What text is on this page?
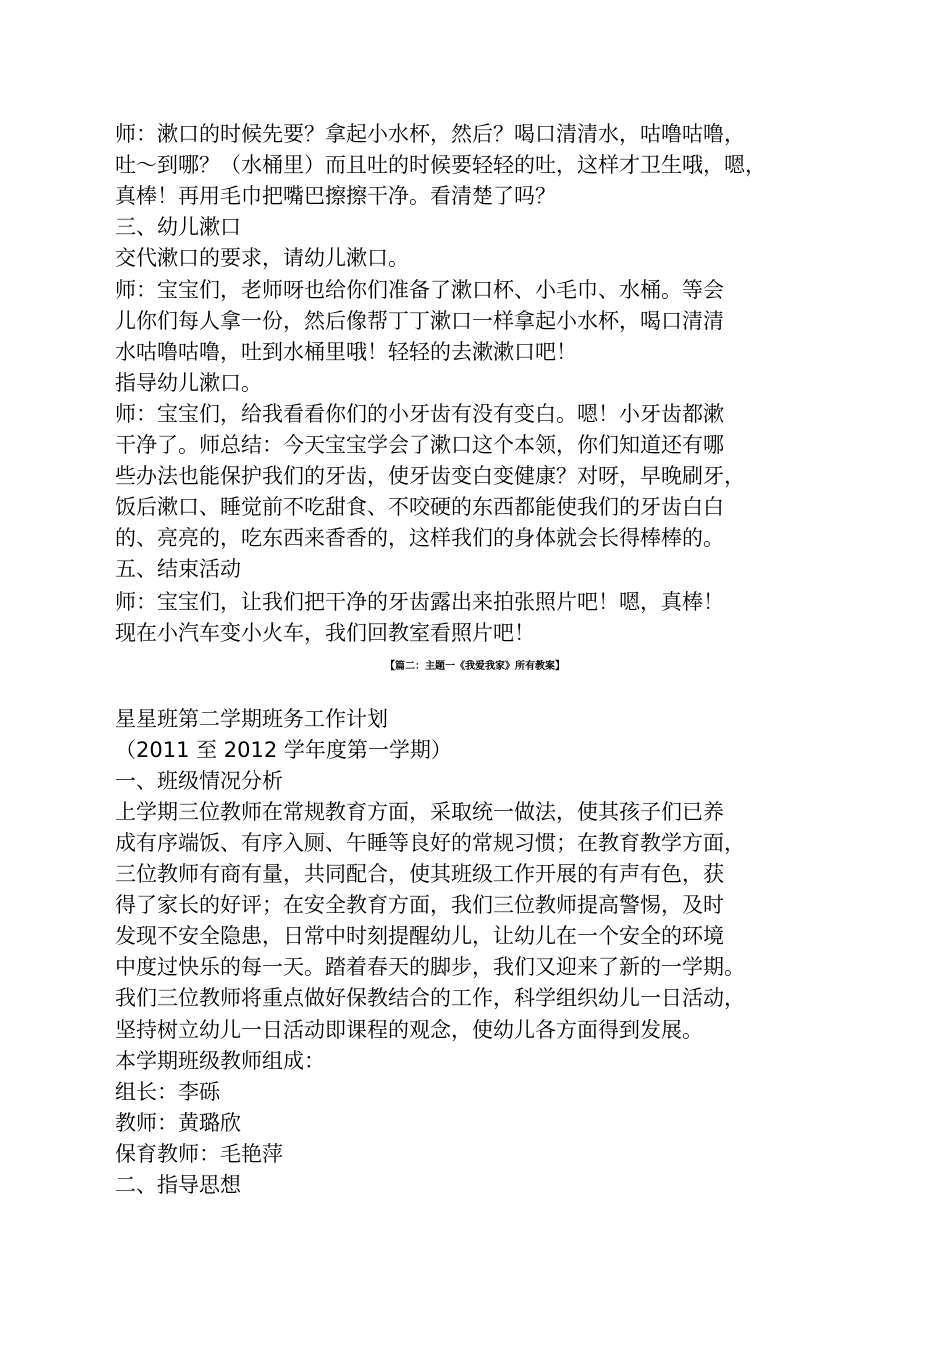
师：漱口的时候先要？拿起小水杯，然后？喝口清清水，咕噜咕噜，
吐～到哪？（水桶里）而且吐的时候要轻轻的吐，这样才卫生哦，嗯，
真棒！再用毛巾把嘴巴擦擦干净。看清楚了吗？
三、幼儿漱口
交代漱口的要求，请幼儿漱口。
师：宝宝们，老师呀也给你们准备了漱口杯、小毛巾、水桶。等会
儿你们每人拿一份，然后像帮丁丁漱口一样拿起小水杯，喝口清清
水咕噜咕噜，吐到水桶里哦！轻轻的去漱漱口吧！
指导幼儿漱口。
师：宝宝们，给我看看你们的小牙齿有没有变白。嗯！小牙齿都漱
干净了。师总结：今天宝宝学会了漱口这个本领，你们知道还有哪
些办法也能保护我们的牙齿，使牙齿变白变健康？对呀，早晚刷牙，
饭后漱口、睡觉前不吃甜食、不咬硬的东西都能使我们的牙齿白白
的、亮亮的，吃东西来香香的，这样我们的身体就会长得棒棒的。
五、结束活动
师：宝宝们，让我们把干净的牙齿露出来拍张照片吧！嗯，真棒！
现在小汽车变小火车，我们回教室看照片吧！
【篇二：主题一《我爱我家》所有教案】
星星班第二学期班务工作计划
（2011 至 2012 学年度第一学期）
一、班级情况分析
上学期三位教师在常规教育方面，采取统一做法，使其孩子们已养
成有序端饭、有序入厕、午睡等良好的常规习惯；在教育教学方面，
三位教师有商有量，共同配合，使其班级工作开展的有声有色，获
得了家长的好评；在安全教育方面，我们三位教师提高警惕，及时
发现不安全隐患，日常中时刻提醒幼儿，让幼儿在一个安全的环境
中度过快乐的每一天。踏着春天的脚步，我们又迎来了新的一学期。
我们三位教师将重点做好保教结合的工作，科学组织幼儿一日活动，
坚持树立幼儿一日活动即课程的观念，使幼儿各方面得到发展。
本学期班级教师组成：
组长：李砾
教师：黄璐欣
保育教师：毛艳萍
二、指导思想
